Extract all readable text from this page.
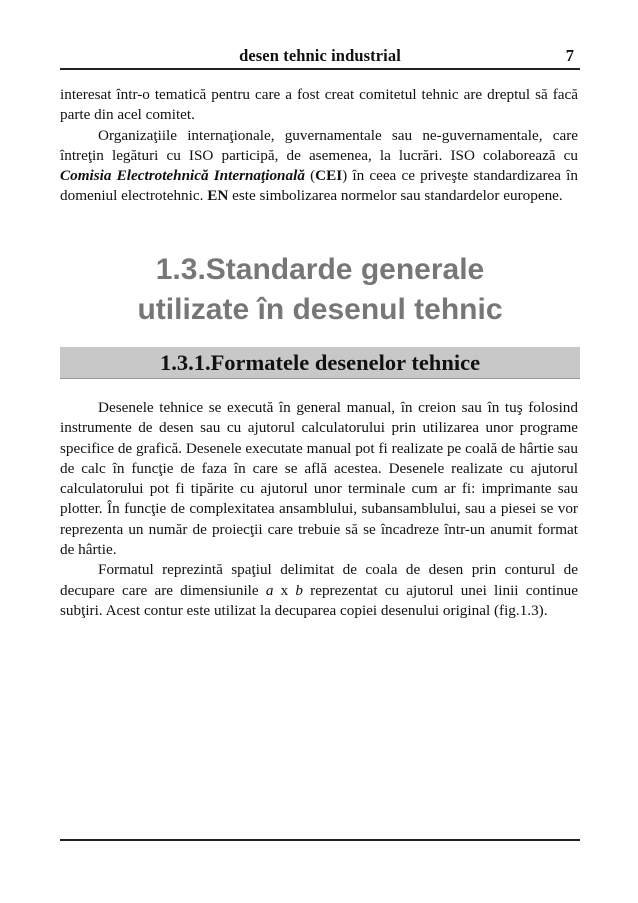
desen tehnic industrial	7

interesat într-o tematică pentru care a fost creat comitetul tehnic are dreptul să facă parte din acel comitet.

Organizaţiile internaţionale, guvernamentale sau ne-guvernamentale, care întreţin legături cu ISO participă, de asemenea, la lucrări. ISO colaborează cu Comisia Electrotehnică Internaţională (CEI) în ceea ce priveşte standardizarea în domeniul electrotehnic. EN este simbolizarea normelor sau standardelor europene.

1.3.Standarde generale
utilizate în desenul tehnic
1.3.1.Formatele desenelor tehnice

Desenele tehnice se execută în general manual, în creion sau în tuş folosind instrumente de desen sau cu ajutorul calculatorului prin utilizarea unor programe specifice de grafică. Desenele executate manual pot fi realizate pe coală de hârtie sau de calc în funcţie de faza în care se află acestea. Desenele realizate cu ajutorul calculatorului pot fi tipărite cu ajutorul unor terminale cum ar fi: imprimante sau plotter. În funcţie de complexitatea ansamblului, subansamblului, sau a piesei se vor reprezenta un număr de proiecţii care trebuie să se încadreze într-un anumit format de hârtie.

Formatul reprezintă spaţiul delimitat de coala de desen prin conturul de decupare care are dimensiunile a x b reprezentat cu ajutorul unei linii continue subţiri. Acest contur este utilizat la decuparea copiei desenului original (fig.1.3).
